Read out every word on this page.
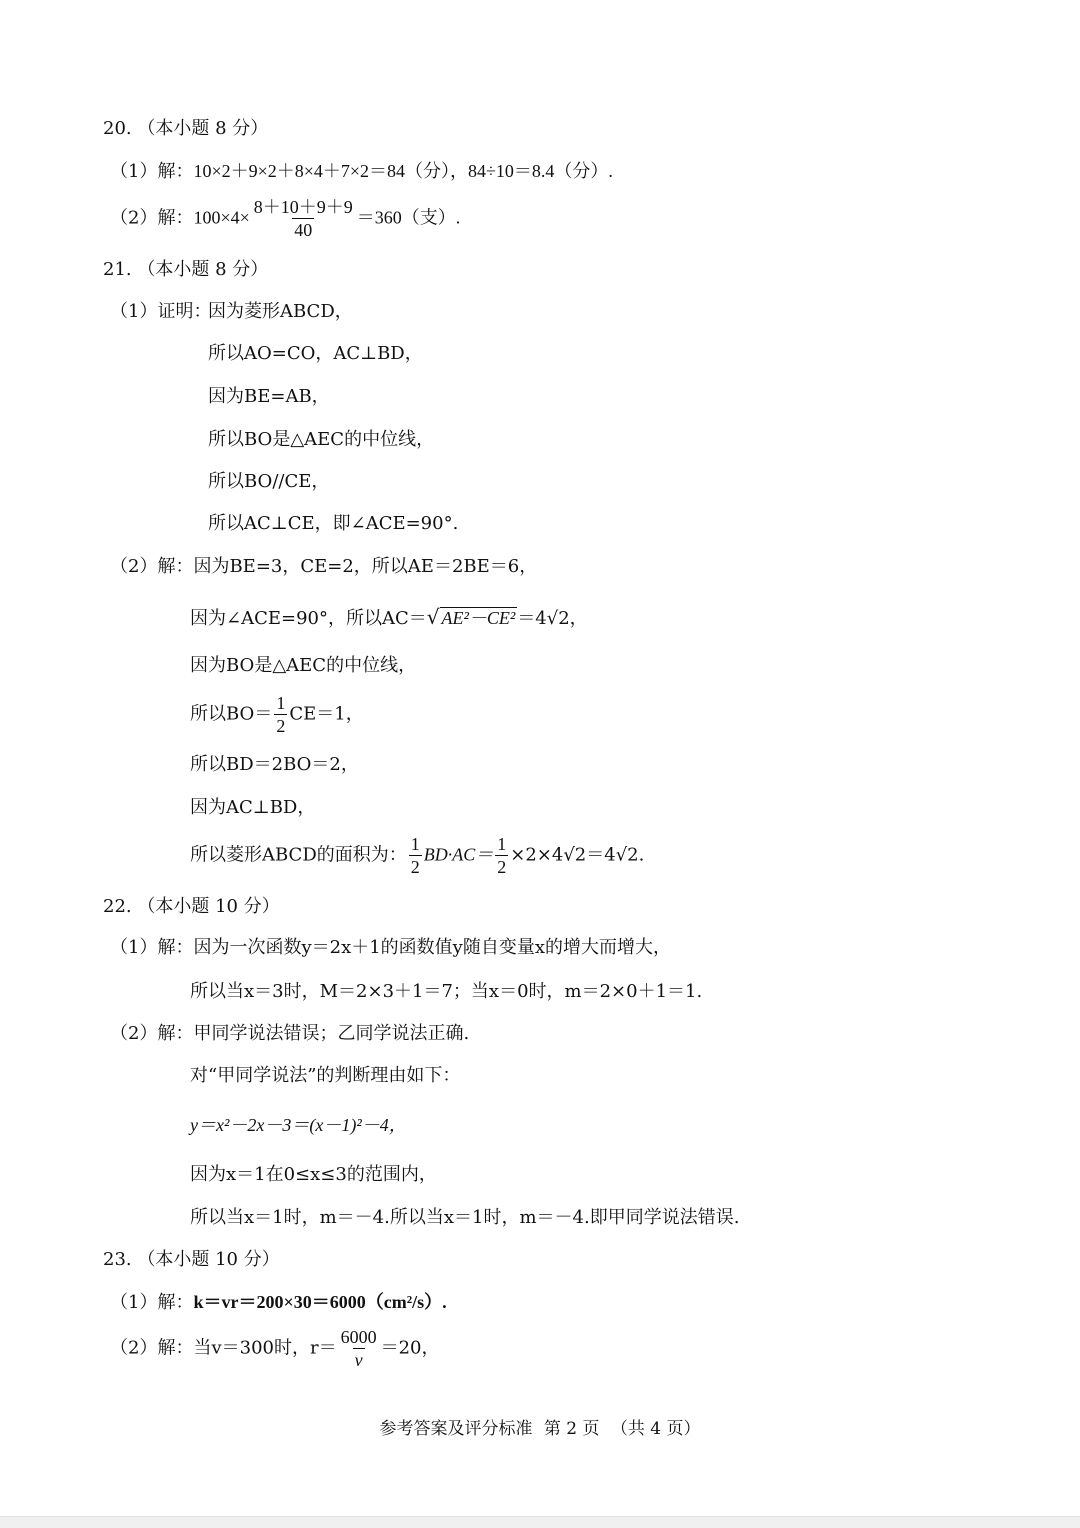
20. （本小题 8 分）
（1）解：10×2＋9×2＋8×4＋7×2＝84（分），84÷10＝8.4（分）.
（2）解：$100\times 4\times \frac{8+10+9+9}{40} =360$（支）.
21. （本小题 8 分）
（1）证明：
因为菱形ABCD，
所以AO=CO，AC⊥BD，
因为BE=AB，
所以BO是△AEC的中位线，
所以BO//CE，
所以AC⊥CE，即∠ACE=90°.
（2）解：因为BE=3，CE=2，所以AE＝2BE＝6，
因为∠ACE=90°，所以AC＝√ AE²－CE² ＝4√2，
因为BO是△AEC的中位线，
所以$BO= \frac{1}{2} CE=1$，
所以BD＝2BO＝2，
因为AC⊥BD，
所以菱形ABCD的面积为： $\frac{1}{2} BD\cdot AC= \frac{1}{2} \times 2\times 4√2=4√2$.
22. （本小题 10 分）
（1）解：因为一次函数y＝2x＋1的函数值y随自变量x的增大而增大，
所以当x＝3时，M＝2×3＋1＝7；当x＝0时，m＝2×0＋1＝1.
（2）解：甲同学说法错误；乙同学说法正确.
对“甲同学说法”的判断理由如下：
y＝x²－2x－3＝(x－1)²－4，
因为x＝1在0≤x≤3的范围内，
所以当x＝1时，m＝－4.所以当x＝1时，m＝－4.即甲同学说法错误.
23. （本小题 10 分）
（1）解：k＝vr＝200×30＝6000（cm²/s）.
（2）解：当v＝300时，$r= \frac{6000}{v} =20$，
参考答案及评分标准 第 2 页 （共 4 页）
